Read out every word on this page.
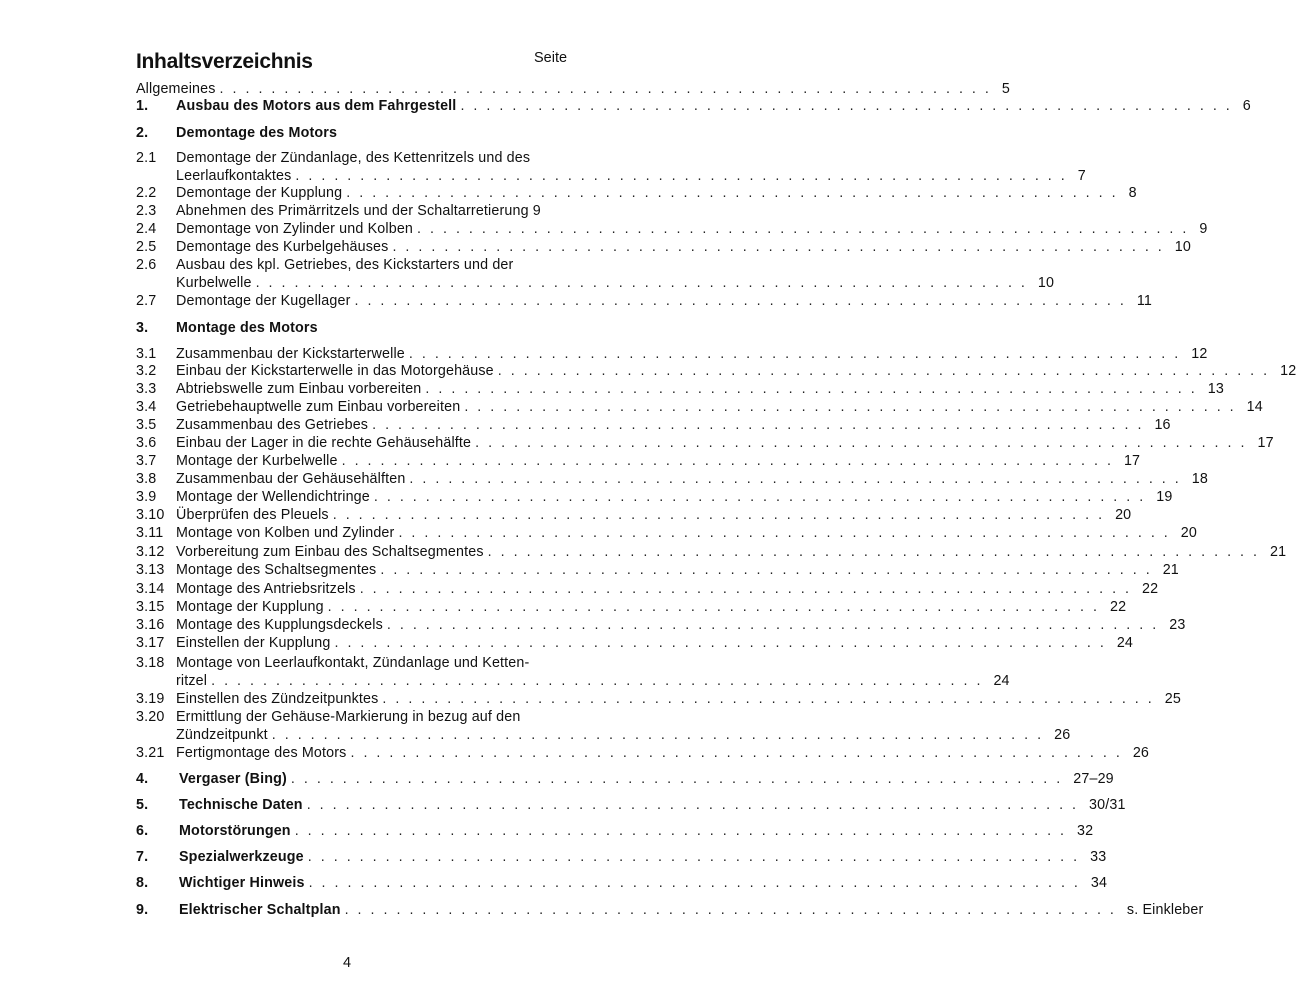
Inhaltsverzeichnis	Seite
Allgemeines ............................................................ 5
1. Ausbau des Motors aus dem Fahrgestell ............................................................ 6
2. Demontage des Motors
2.1 Demontage der Zündanlage, des Kettenritzels und des
Leerlaufkontaktes ............................................................ 7
2.2 Demontage der Kupplung ............................................................ 8
2.3 Abnehmen des Primärritzels und der Schaltarretierung 9
2.4 Demontage von Zylinder und Kolben ............................................................ 9
2.5 Demontage des Kurbelgehäuses ............................................................ 10
2.6 Ausbau des kpl. Getriebes, des Kickstarters und der
Kurbelwelle ............................................................ 10
2.7 Demontage der Kugellager ............................................................ 11
3. Montage des Motors
3.1 Zusammenbau der Kickstarterwelle ............................................................ 12
3.2 Einbau der Kickstarterwelle in das Motorgehäuse ............................................................ 12
3.3 Abtriebswelle zum Einbau vorbereiten ............................................................ 13
3.4 Getriebehauptwelle zum Einbau vorbereiten ............................................................ 14
3.5 Zusammenbau des Getriebes ............................................................ 16
3.6 Einbau der Lager in die rechte Gehäusehälfte ............................................................ 17
3.7 Montage der Kurbelwelle ............................................................ 17
3.8 Zusammenbau der Gehäusehälften ............................................................ 18
3.9 Montage der Wellendichtringe ............................................................ 19
3.10 Überprüfen des Pleuels ............................................................ 20
3.11 Montage von Kolben und Zylinder ............................................................ 20
3.12 Vorbereitung zum Einbau des Schaltsegmentes ............................................................ 21
3.13 Montage des Schaltsegmentes ............................................................ 21
3.14 Montage des Antriebsritzels ............................................................ 22
3.15 Montage der Kupplung ............................................................ 22
3.16 Montage des Kupplungsdeckels ............................................................ 23
3.17 Einstellen der Kupplung ............................................................ 24
3.18 Montage von Leerlaufkontakt, Zündanlage und Ketten-
ritzel ............................................................ 24
3.19 Einstellen des Zündzeitpunktes ............................................................ 25
3.20 Ermittlung der Gehäuse-Markierung in bezug auf den
Zündzeitpunkt ............................................................ 26
3.21 Fertigmontage des Motors ............................................................ 26
4. Vergaser (Bing) ............................................................ 27–29
5. Technische Daten ............................................................ 30/31
6. Motorstörungen ............................................................ 32
7. Spezialwerkzeuge ............................................................ 33
8. Wichtiger Hinweis ............................................................ 34
9. Elektrischer Schaltplan ............................................................ s. Einkleber
4
